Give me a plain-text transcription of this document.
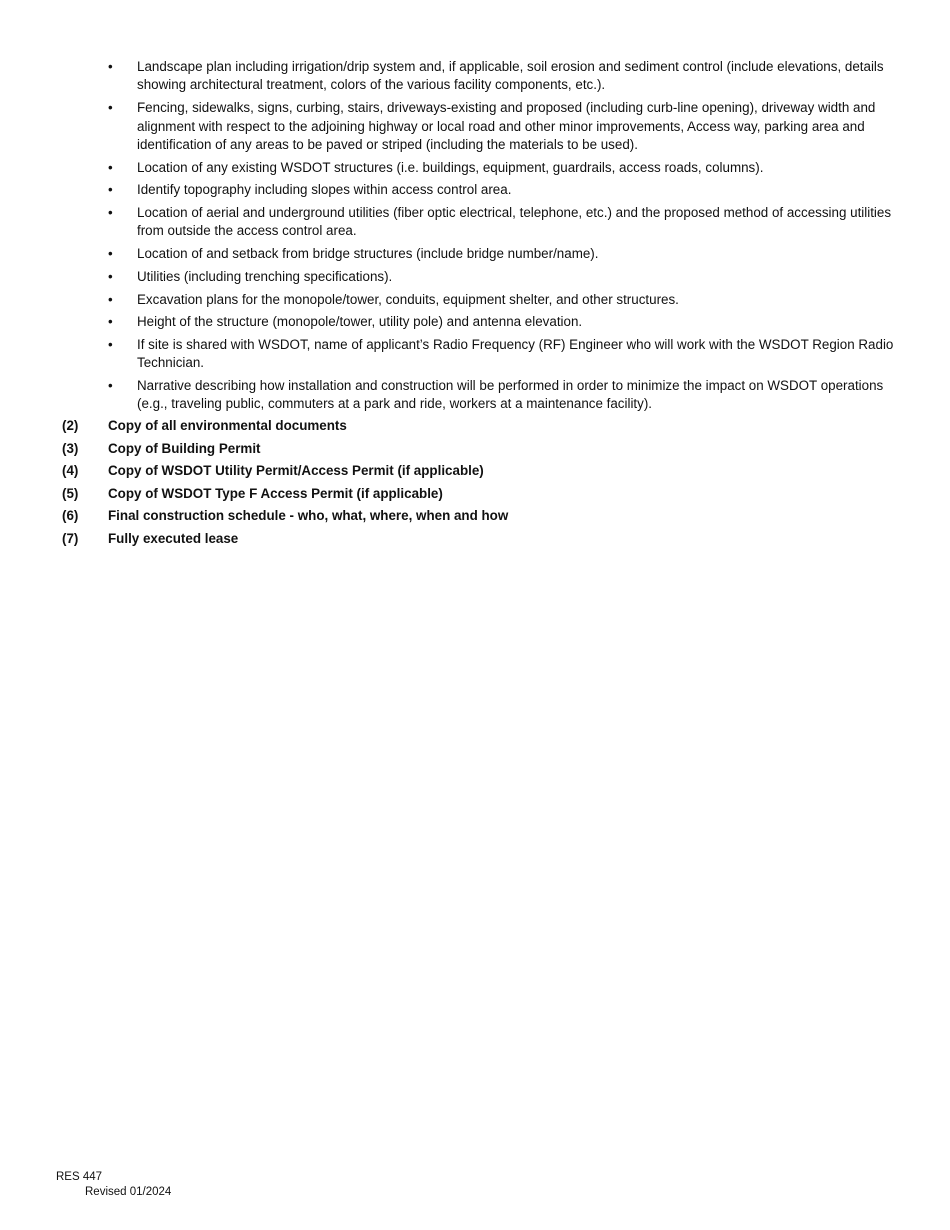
•	Landscape plan including irrigation/drip system and, if applicable, soil erosion and sediment control (include elevations, details showing architectural treatment, colors of the various facility components, etc.).
•	Fencing, sidewalks, signs, curbing, stairs, driveways-existing and proposed (including curb-line opening), driveway width and alignment with respect to the adjoining highway or local road and other minor improvements, Access way, parking area and identification of any areas to be paved or striped (including the materials to be used).
•	Location of any existing WSDOT structures (i.e. buildings, equipment, guardrails, access roads, columns).
•	Identify topography including slopes within access control area.
•	Location of aerial and underground utilities (fiber optic electrical, telephone, etc.) and the proposed method of accessing utilities from outside the access control area.
•	Location of and setback from bridge structures (include bridge number/name).
•	Utilities (including trenching specifications).
•	Excavation plans for the monopole/tower, conduits, equipment shelter, and other structures.
•	Height of the structure (monopole/tower, utility pole) and antenna elevation.
•	If site is shared with WSDOT, name of applicant’s Radio Frequency (RF) Engineer who will work with the WSDOT Region Radio Technician.
•	Narrative describing how installation and construction will be performed in order to minimize the impact on WSDOT operations (e.g., traveling public, commuters at a park and ride, workers at a maintenance facility).
(2) Copy of all environmental documents
(3) Copy of Building Permit
(4) Copy of WSDOT Utility Permit/Access Permit (if applicable)
(5) Copy of WSDOT Type F Access Permit (if applicable)
(6) Final construction schedule - who, what, where, when and how
(7) Fully executed lease
RES 447
Revised 01/2024
